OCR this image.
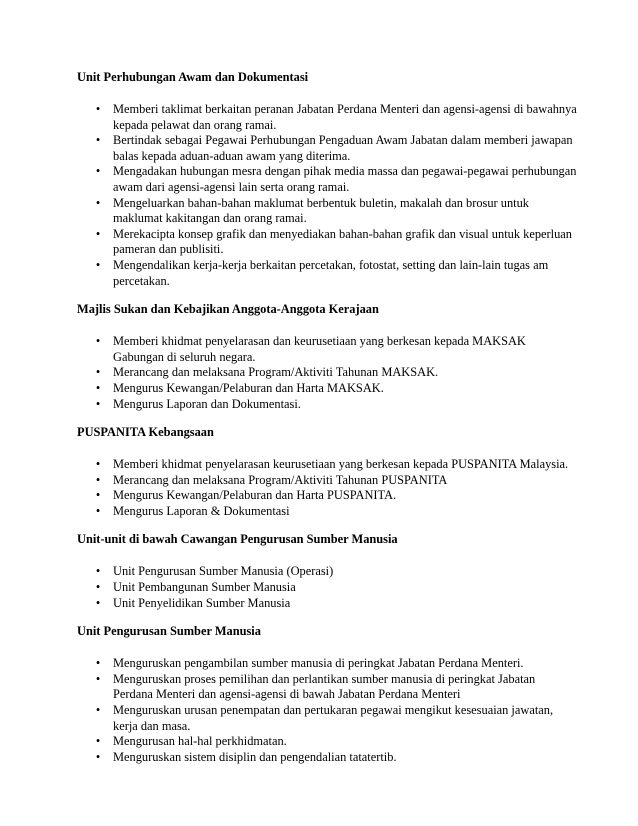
Unit Perhubungan Awam dan Dokumentasi
•	Memberi taklimat berkaitan peranan Jabatan Perdana Menteri dan agensi-agensi di bawahnya kepada pelawat dan orang ramai.
•	Bertindak sebagai Pegawai Perhubungan Pengaduan Awam Jabatan dalam memberi jawapan balas kepada aduan-aduan awam yang diterima.
•	Mengadakan hubungan mesra dengan pihak media massa dan pegawai-pegawai perhubungan awam dari agensi-agensi lain serta orang ramai.
•	Mengeluarkan bahan-bahan maklumat berbentuk buletin, makalah dan brosur untuk maklumat kakitangan dan orang ramai.
•	Merekacipta konsep grafik dan menyediakan bahan-bahan grafik dan visual untuk keperluan pameran dan publisiti.
•	Mengendalikan kerja-kerja berkaitan percetakan, fotostat, setting dan lain-lain tugas am percetakan.
Majlis Sukan dan Kebajikan Anggota-Anggota Kerajaan
•	Memberi khidmat penyelarasan dan keurusetiaan yang berkesan kepada MAKSAK Gabungan di seluruh negara.
•	Merancang dan melaksana Program/Aktiviti Tahunan MAKSAK.
•	Mengurus Kewangan/Pelaburan dan Harta MAKSAK.
•	Mengurus Laporan dan Dokumentasi.
PUSPANITA Kebangsaan
•	Memberi khidmat penyelarasan keurusetiaan yang berkesan kepada PUSPANITA Malaysia.
•	Merancang dan melaksana Program/Aktiviti Tahunan PUSPANITA
•	Mengurus Kewangan/Pelaburan dan Harta PUSPANITA.
•	Mengurus Laporan & Dokumentasi
Unit-unit di bawah Cawangan Pengurusan Sumber Manusia
•	Unit Pengurusan Sumber Manusia (Operasi)
•	Unit Pembangunan Sumber Manusia
•	Unit Penyelidikan Sumber Manusia
Unit Pengurusan Sumber Manusia
•	Menguruskan pengambilan sumber manusia di peringkat Jabatan Perdana Menteri.
•	Menguruskan proses pemilihan dan perlantikan sumber manusia di peringkat Jabatan Perdana Menteri dan agensi-agensi di bawah Jabatan Perdana Menteri
•	Menguruskan urusan penempatan dan pertukaran pegawai mengikut kesesuaian jawatan, kerja dan masa.
•	Mengurusan hal-hal perkhidmatan.
•	Menguruskan sistem disiplin dan pengendalian tatatertib.
